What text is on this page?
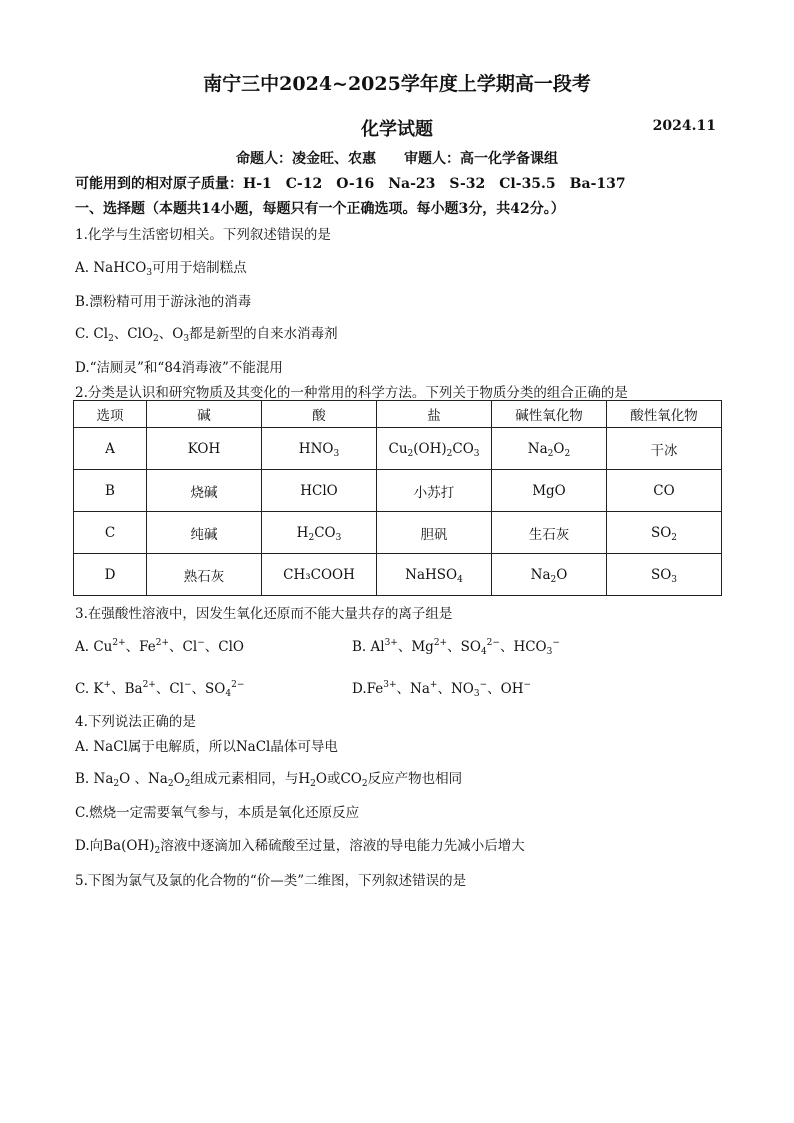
南宁三中2024~2025学年度上学期高一段考
化学试题	2024.11
命题人：凌金旺、农惠　　审题人：高一化学备课组
可能用到的相对原子质量：H-1　C-12　O-16　Na-23　S-32　Cl-35.5　Ba-137
一、选择题（本题共14小题，每题只有一个正确选项。每小题3分，共42分。）
1.化学与生活密切相关。下列叙述错误的是
A. NaHCO$_3$可用于焙制糕点
B.漂粉精可用于游泳池的消毒
C. $Cl_2$、ClO$_2$、$O_3$都是新型的自来水消毒剂
D.“洁厕灵”和“84消毒液”不能混用
2.分类是认识和研究物质及其变化的一种常用的科学方法。下列关于物质分类的组合正确的是
选项	碱	酸	盐	碱性氧化物	酸性氧化物
A	KOH	$HNO_3$	$Cu_2(OH)_2CO_3$	$Na_2O_2$	干冰
B	烧碱	HClO	小苏打	MgO	CO
C	纯碱	$H_2CO_3$	胆矾	生石灰	$SO_2$
D	熟石灰	CH₃COOH	NaHSO$_4$	$Na_2O$	$SO_3$
3.在强酸性溶液中，因发生氧化还原而不能大量共存的离子组是
A. $Cu^{2+}$、$Fe^{2+}$、Cl−、ClO	B. $Al^{3+}$、$Mg^{2+}$、$SO_4^{2-}$、$HCO_3^-$
C. K+、$Ba^{2+}$、Cl−、$SO_4^{2-}$	$D.Fe^{3+}$、Na+、$NO_3^-$、OH−
4.下列说法正确的是
A. NaCl属于电解质，所以NaCl晶体可导电
B. $Na_2O$ 、$Na_2O_2$组成元素相同，与$H_2O$或$CO_2$反应产物也相同
C.燃烧一定需要氧气参与，本质是氧化还原反应
D.向$Ba(OH)_2$溶液中逐滴加入稀硫酸至过量，溶液的导电能力先减小后增大
5.下图为氯气及氯的化合物的“价—类”二维图，下列叙述错误的是
